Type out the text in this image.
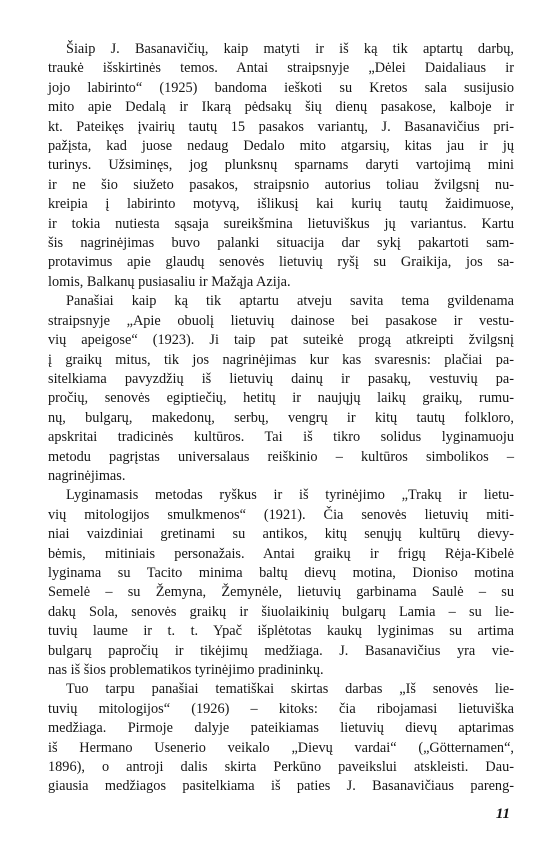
Šiaip J. Basanavičių, kaip matyti ir iš ką tik aptartų darbų,
traukė išskirtinės temos. Antai straipsnyje „Dėlei Daidaliaus ir
jojo labirinto“ (1925) bandoma ieškoti su Kretos sala susijusio
mito apie Dedalą ir Ikarą pėdsakų šių dienų pasakose, kalboje ir
kt. Pateikęs įvairių tautų 15 pasakos variantų, J. Basanavičius pri-
pažįsta, kad juose nedaug Dedalo mito atgarsių, kitas jau ir jų
turinys. Užsiminęs, jog plunksnų sparnams daryti vartojimą mini
ir ne šio siužeto pasakos, straipsnio autorius toliau žvilgsnį nu-
kreipia į labirinto motyvą, išlikusį kai kurių tautų žaidimuose,
ir tokia nutiesta sąsaja sureikšmina lietuviškus jų variantus. Kartu
šis nagrinėjimas buvo palanki situacija dar sykį pakartoti sam-
protavimus apie glaudų senovės lietuvių ryšį su Graikija, jos sa-
lomis, Balkanų pusiasaliu ir Mažąja Azija.
Panašiai kaip ką tik aptartu atveju savita tema gvildenama
straipsnyje „Apie obuolį lietuvių dainose bei pasakose ir vestu-
vių apeigose“ (1923). Ji taip pat suteikė progą atkreipti žvilgsnį
į graikų mitus, tik jos nagrinėjimas kur kas svaresnis: plačiai pa-
sitelkiama pavyzdžių iš lietuvių dainų ir pasakų, vestuvių pa-
pročių, senovės egiptiečių, hetitų ir naujųjų laikų graikų, rumu-
nų, bulgarų, makedonų, serbų, vengrų ir kitų tautų folkloro,
apskritai tradicinės kultūros. Tai iš tikro solidus lyginamuoju
metodu pagrįstas universalaus reiškinio – kultūros simbolikos –
nagrinėjimas.
Lyginamasis metodas ryškus ir iš tyrinėjimo „Trakų ir lietu-
vių mitologijos smulkmenos“ (1921). Čia senovės lietuvių miti-
niai vaizdiniai gretinami su antikos, kitų senųjų kultūrų dievy-
bėmis, mitiniais personažais. Antai graikų ir frigų Rėja-Kibelė
lyginama su Tacito minima baltų dievų motina, Dioniso motina
Semelė – su Žemyna, Žemynėle, lietuvių garbinama Saulė – su
dakų Sola, senovės graikų ir šiuolaikinių bulgarų Lamia – su lie-
tuvių laume ir t. t. Ypač išplėtotas kaukų lyginimas su artima
bulgarų papročių ir tikėjimų medžiaga. J. Basanavičius yra vie-
nas iš šios problematikos tyrinėjimo pradininkų.
Tuo tarpu panašiai tematiškai skirtas darbas „Iš senovės lie-
tuvių mitologijos“ (1926) – kitoks: čia ribojamasi lietuviška
medžiaga. Pirmoje dalyje pateikiamas lietuvių dievų aptarimas
iš Hermano Usenerio veikalo „Dievų vardai“ („Götternamen“,
1896), o antroji dalis skirta Perkūno paveikslui atskleisti. Dau-
giausia medžiagos pasitelkiama iš paties J. Basanavičiaus pareng-
11
